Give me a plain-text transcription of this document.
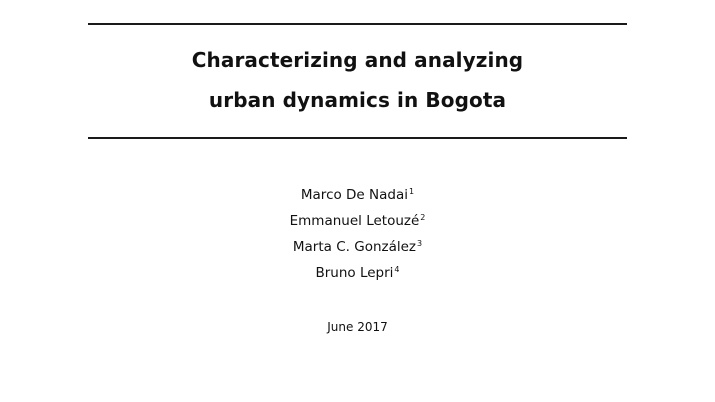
Characterizing and analyzing
urban dynamics in Bogota
Marco De Nadai$^1$
Emmanuel Letouzé$^2$
Marta C. González$^3$
Bruno Lepri$^4$
June 2017
